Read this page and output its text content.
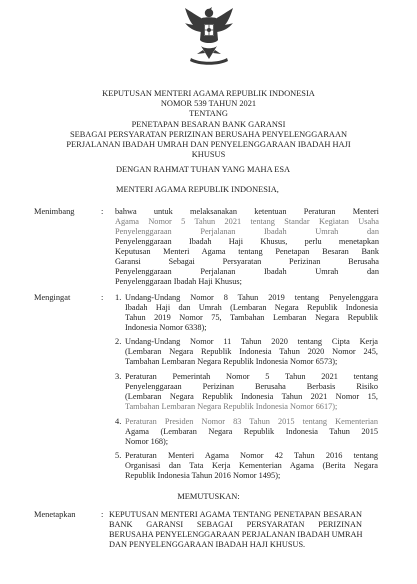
KEPUTUSAN MENTERI AGAMA REPUBLIK INDONESIA
NOMOR 539 TAHUN 2021
TENTANG
PENETAPAN BESARAN BANK GARANSI
SEBAGAI PERSYARATAN PERIZINAN BERUSAHA PENYELENGGARAAN
PERJALANAN IBADAH UMRAH DAN PENYELENGGARAAN IBADAH HAJI
KHUSUS
DENGAN RAHMAT TUHAN YANG MAHA ESA
MENTERI AGAMA REPUBLIK INDONESIA,
Menimbang	: bahwa untuk melaksanakan ketentuan Peraturan Menteri
Agama Nomor 5 Tahun 2021 tentang Standar Kegiatan Usaha
Penyelenggaraan Perjalanan Ibadah Umrah dan
Penyelenggaraan Ibadah Haji Khusus, perlu menetapkan
Keputusan Menteri Agama tentang Penetapan Besaran Bank
Garansi Sebagai Persyaratan Perizinan Berusaha
Penyelenggaraan Perjalanan Ibadah Umrah dan
Penyelenggaraan Ibadah Haji Khusus;
Mengingat	: 1. Undang-Undang Nomor 8 Tahun 2019 tentang Penyelenggara
Ibadah Haji dan Umrah (Lembaran Negara Republik Indonesia
Tahun 2019 Nomor 75, Tambahan Lembaran Negara Republik
Indonesia Nomor 6338);
2. Undang-Undang Nomor 11 Tahun 2020 tentang Cipta Kerja
(Lembaran Negara Republik Indonesia Tahun 2020 Nomor 245,
Tambahan Lembaran Negara Republik Indonesia Nomor 6573);
3. Peraturan Pemerintah Nomor 5 Tahun 2021 tentang
Penyelenggaraan Perizinan Berusaha Berbasis Risiko
(Lembaran Negara Republik Indonesia Tahun 2021 Nomor 15,
Tambahan Lembaran Negara Republik Indonesia Nomor 6617);
4. Peraturan Presiden Nomor 83 Tahun 2015 tentang Kementerian
Agama (Lembaran Negara Republik Indonesia Tahun 2015
Nomor 168);
5. Peraturan Menteri Agama Nomor 42 Tahun 2016 tentang
Organisasi dan Tata Kerja Kementerian Agama (Berita Negara
Republik Indonesia Tahun 2016 Nomor 1495);
MEMUTUSKAN:
Menetapkan	: KEPUTUSAN MENTERI AGAMA TENTANG PENETAPAN BESARAN
BANK GARANSI SEBAGAI PERSYARATAN PERIZINAN
BERUSAHA PENYELENGGARAAN PERJALANAN IBADAH UMRAH
DAN PENYELENGGARAAN IBADAH HAJI KHUSUS.
